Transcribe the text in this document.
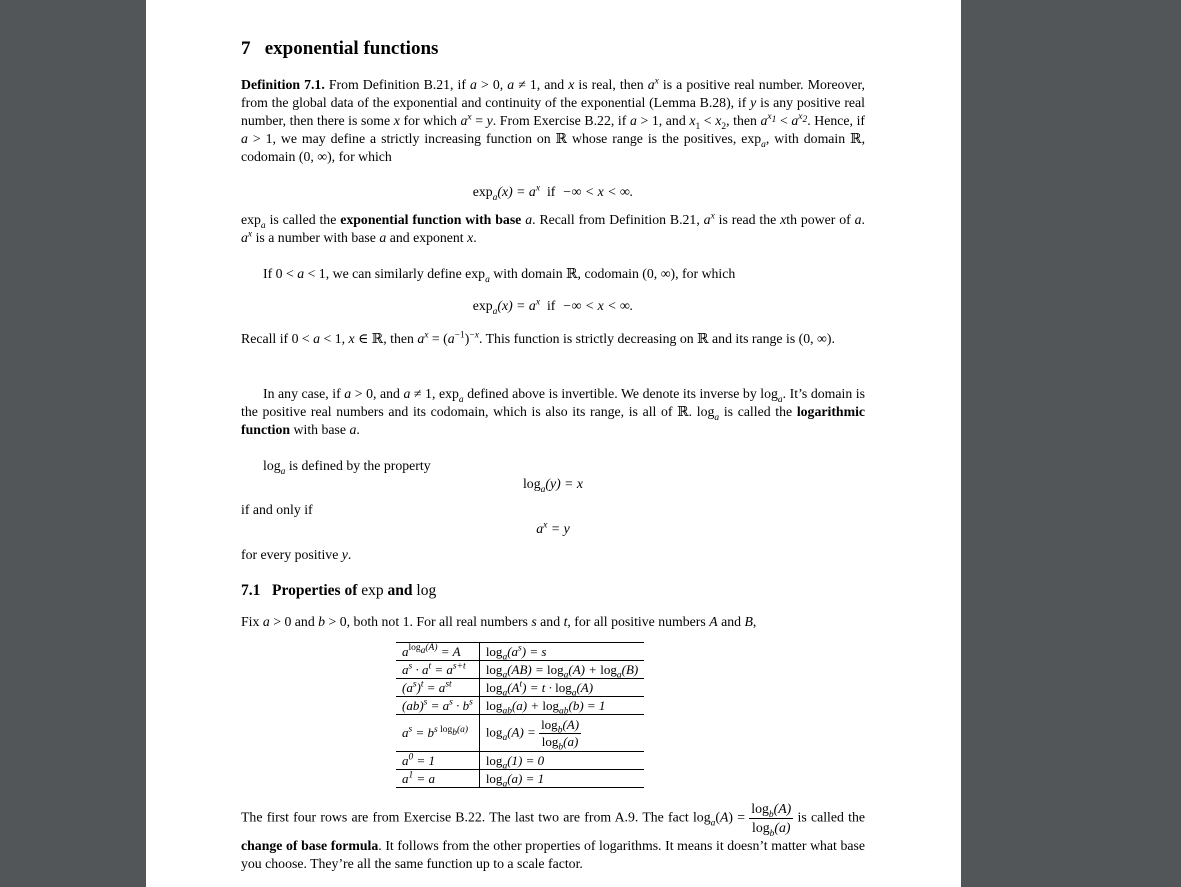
7 exponential functions

Definition 7.1. From Definition B.21, if a > 0, a ≠ 1, and x is real, then $a^x$ is a positive real number. Moreover, from the global data of the exponential and continuity of the exponential (Lemma B.28), if y is any positive real number, then there is some x for which $a^x = y$. From Exercise B.22, if a > 1, and $x_1 < x_2$, then $a^{x_1} < a^{x_2}$. Hence, if a > 1, we may define a strictly increasing function on ℝ whose range is the positives, $\exp_a$, with domain ℝ, codomain (0, ∞), for which

$\exp_a(x) = a^x$ if  −∞ < x < ∞.

$\exp_a$ is called the exponential function with base a. Recall from Definition B.21, $a^x$ is read the xth power of a. $a^x$ is a number with base a and exponent x.

If 0 < a < 1, we can similarly define $\exp_a$ with domain ℝ, codomain (0, ∞), for which

$\exp_a(x) = a^x$ if  −∞ < x < ∞.

Recall if 0 < a < 1, x ∈ ℝ, then $a^x = (a^{-1})^{-x}$. This function is strictly decreasing on ℝ and its range is (0, ∞).

In any case, if a > 0, and a ≠ 1, $\exp_a$ defined above is invertible. We denote its inverse by $\log_a$. It’s domain is the positive real numbers and its codomain, which is also its range, is all of ℝ. $\log_a$ is called the logarithmic function with base a.

$\log_a$ is defined by the property

$\log_a(y) = x$

if and only if

$a^x = y$

for every positive y.

7.1 Properties of exp and log

Fix a > 0 and b > 0, both not 1. For all real numbers s and t, for all positive numbers A and B,

$a^{log_a(A)} = A$	$\log_a(a^s) = s$
$a^s \cdot a^t = a^{s+t}$	$\log_a(AB) = \log_a(A) + \log_a(B)$
$(a^s)^t = a^{st}$	$\log_a(A^t) = t \cdot \log_a(A)$
$(ab)^s = a^s \cdot b^s$	$\log_{ab}(a) + \log_{ab}(b) = 1$
$a^s = b^{s log_b(a)}$	$\log_a(A) = \frac{\log_b(A)}{\log_b(a)}$

$a^0 = 1$	$\log_a(1) = 0$
$a^1 = a$	$\log_a(a) = 1$

The first four rows are from Exercise B.22. The last two are from A.9. The fact $\log_a(A) = \frac{\log_b(A)}{\log_b(a)}$ is called the change of base formula. It follows from the other properties of logarithms. It means it doesn’t matter what base you choose. They’re all the same function up to a scale factor.
